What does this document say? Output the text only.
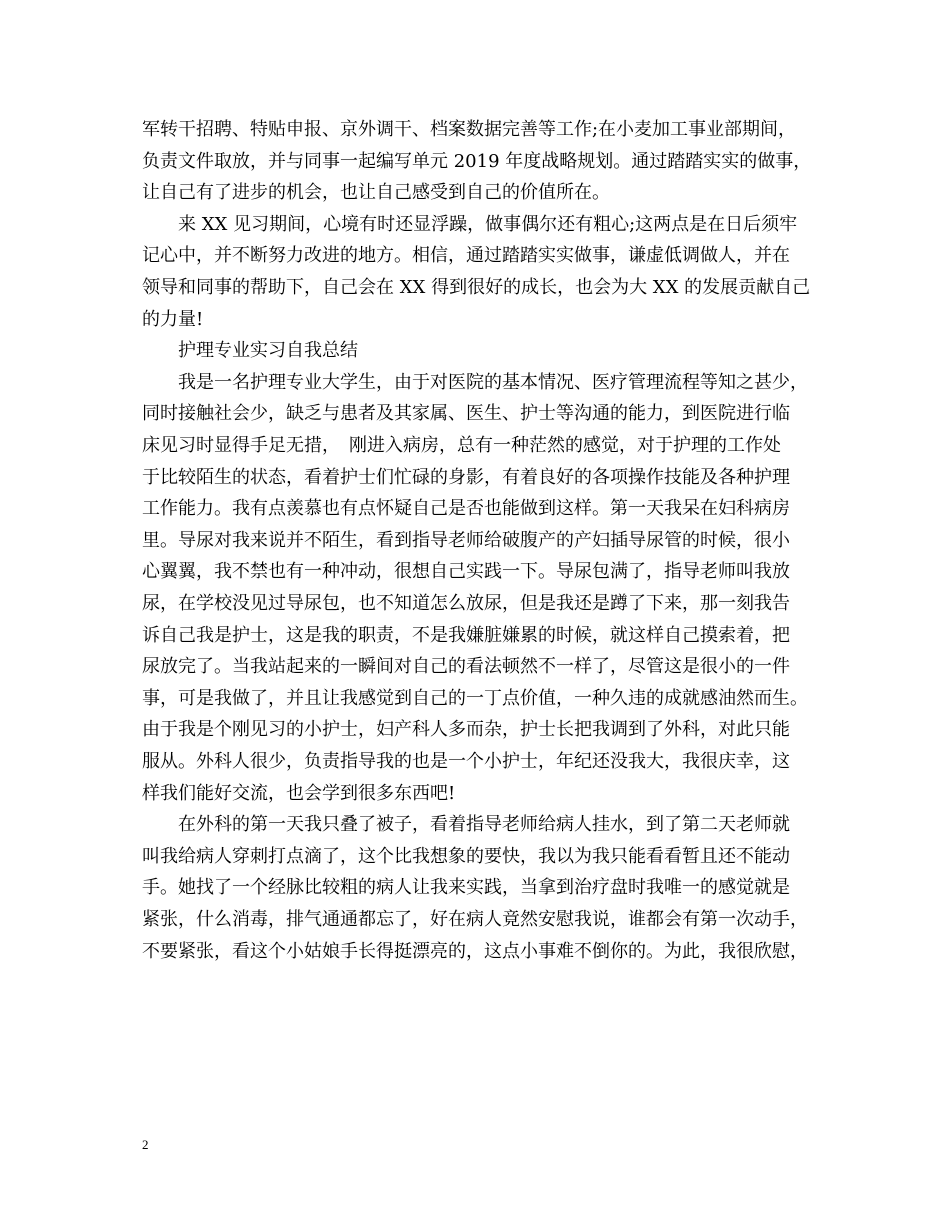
军转干招聘、特贴申报、京外调干、档案数据完善等工作;在小麦加工事业部期间，
负责文件取放，并与同事一起编写单元 2019 年度战略规划。通过踏踏实实的做事，
让自己有了进步的机会，也让自己感受到自己的价值所在。
　　来 XX 见习期间，心境有时还显浮躁，做事偶尔还有粗心;这两点是在日后须牢
记心中，并不断努力改进的地方。相信，通过踏踏实实做事，谦虚低调做人，并在
领导和同事的帮助下，自己会在 XX 得到很好的成长，也会为大 XX 的发展贡献自己
的力量!
　　护理专业实习自我总结
　　我是一名护理专业大学生，由于对医院的基本情况、医疗管理流程等知之甚少，
同时接触社会少，缺乏与患者及其家属、医生、护士等沟通的能力，到医院进行临
床见习时显得手足无措，　刚进入病房，总有一种茫然的感觉，对于护理的工作处
于比较陌生的状态，看着护士们忙碌的身影，有着良好的各项操作技能及各种护理
工作能力。我有点羡慕也有点怀疑自己是否也能做到这样。第一天我呆在妇科病房
里。导尿对我来说并不陌生，看到指导老师给破腹产的产妇插导尿管的时候，很小
心翼翼，我不禁也有一种冲动，很想自己实践一下。导尿包满了，指导老师叫我放
尿，在学校没见过导尿包，也不知道怎么放尿，但是我还是蹲了下来，那一刻我告
诉自己我是护士，这是我的职责，不是我嫌脏嫌累的时候，就这样自己摸索着，把
尿放完了。当我站起来的一瞬间对自己的看法顿然不一样了，尽管这是很小的一件
事，可是我做了，并且让我感觉到自己的一丁点价值，一种久违的成就感油然而生。
由于我是个刚见习的小护士，妇产科人多而杂，护士长把我调到了外科，对此只能
服从。外科人很少，负责指导我的也是一个小护士，年纪还没我大，我很庆幸，这
样我们能好交流，也会学到很多东西吧!
　　在外科的第一天我只叠了被子，看着指导老师给病人挂水，到了第二天老师就
叫我给病人穿刺打点滴了，这个比我想象的要快，我以为我只能看看暂且还不能动
手。她找了一个经脉比较粗的病人让我来实践，当拿到治疗盘时我唯一的感觉就是
紧张，什么消毒，排气通通都忘了，好在病人竟然安慰我说，谁都会有第一次动手，
不要紧张，看这个小姑娘手长得挺漂亮的，这点小事难不倒你的。为此，我很欣慰，
2
